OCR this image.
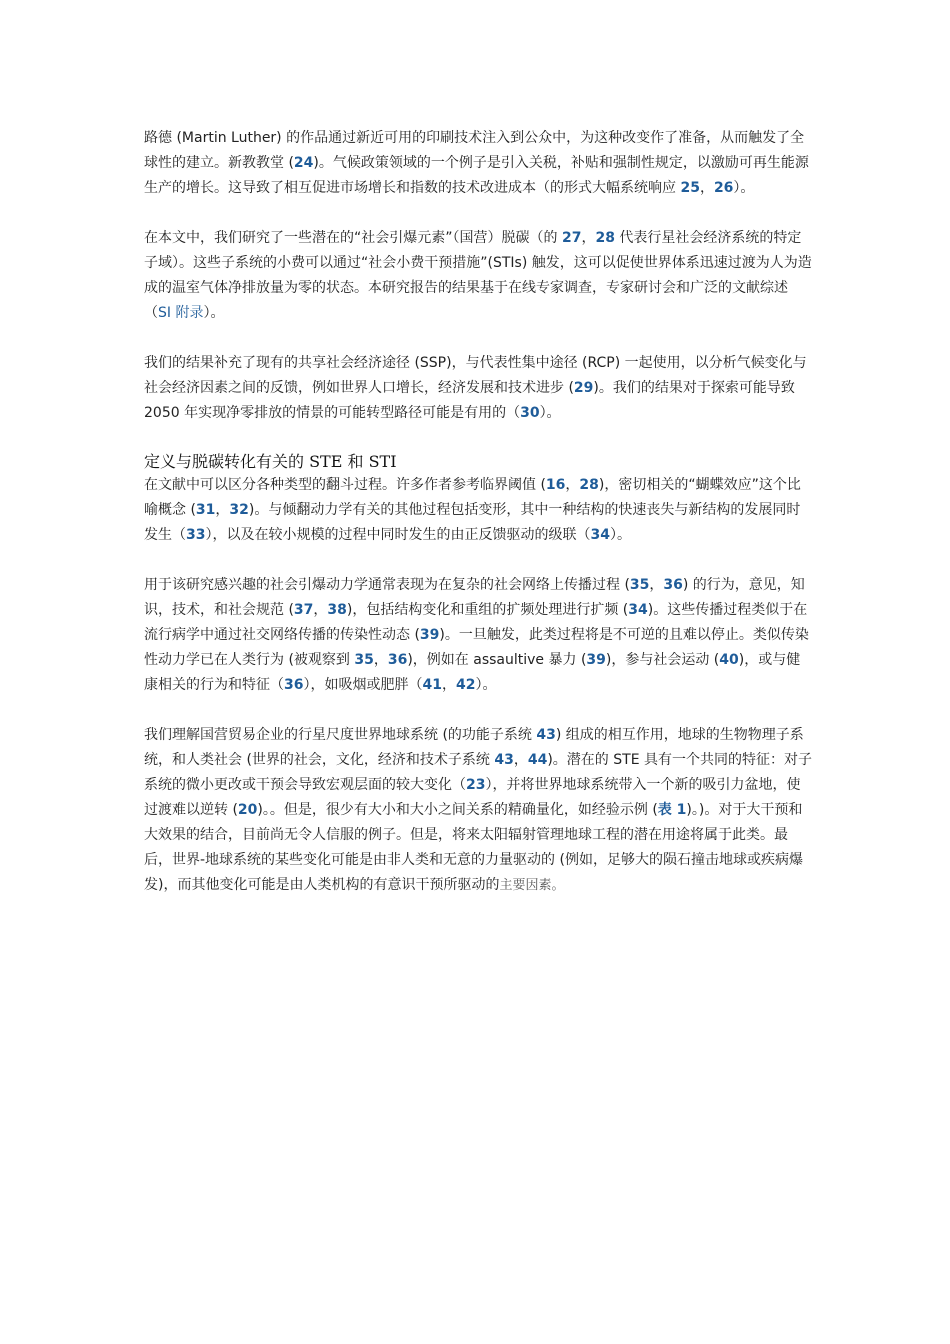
路德 (Martin Luther) 的作品通过新近可用的印刷技术注入到公众中，为这种改变作了准备，从而触发了全球性的建立。新教教堂 (24)。气候政策领域的一个例子是引入关税，补贴和强制性规定，以激励可再生能源生产的增长。这导致了相互促进市场增长和指数的技术改进成本（的形式大幅系统响应 25，26）。

在本文中，我们研究了一些潜在的“社会引爆元素”（国营）脱碳（的 27，28 代表行星社会经济系统的特定子域）。这些子系统的小费可以通过“社会小费干预措施”(STIs) 触发，这可以促使世界体系迅速过渡为人为造成的温室气体净排放量为零的状态。本研究报告的结果基于在线专家调查，专家研讨会和广泛的文献综述（SI 附录）。

我们的结果补充了现有的共享社会经济途径 (SSP)，与代表性集中途径 (RCP) 一起使用，以分析气候变化与社会经济因素之间的反馈，例如世界人口增长，经济发展和技术进步 (29)。我们的结果对于探索可能导致 2050 年实现净零排放的情景的可能转型路径可能是有用的（30）。

定义与脱碳转化有关的 STE 和 STI

在文献中可以区分各种类型的翻斗过程。许多作者参考临界阈值 (16，28)，密切相关的“蝴蝶效应”这个比喻概念 (31，32)。与倾翻动力学有关的其他过程包括变形，其中一种结构的快速丧失与新结构的发展同时发生（33），以及在较小规模的过程中同时发生的由正反馈驱动的级联（34）。

用于该研究感兴趣的社会引爆动力学通常表现为在复杂的社会网络上传播过程 (35，36) 的行为，意见，知识，技术，和社会规范 (37，38)，包括结构变化和重组的扩频处理进行扩频 (34)。这些传播过程类似于在流行病学中通过社交网络传播的传染性动态 (39)。一旦触发，此类过程将是不可逆的且难以停止。类似传染性动力学已在人类行为 (被观察到 35，36)，例如在 assaultive 暴力 (39)，参与社会运动 (40)，或与健康相关的行为和特征（36），如吸烟或肥胖（41，42）。

我们理解国营贸易企业的行星尺度世界地球系统 (的功能子系统 43) 组成的相互作用，地球的生物物理子系统，和人类社会 (世界的社会，文化，经济和技术子系统 43，44)。潜在的 STE 具有一个共同的特征：对子系统的微小更改或干预会导致宏观层面的较大变化（23），并将世界地球系统带入一个新的吸引力盆地，使过渡难以逆转 (20)。。但是，很少有大小和大小之间关系的精确量化，如经验示例 (表 1)。)。对于大干预和大效果的结合，目前尚无令人信服的例子。但是，将来太阳辐射管理地球工程的潜在用途将属于此类。最后，世界-地球系统的某些变化可能是由非人类和无意的力量驱动的 (例如，足够大的陨石撞击地球或疾病爆发)，而其他变化可能是由人类机构的有意识干预所驱动的主要因素。
